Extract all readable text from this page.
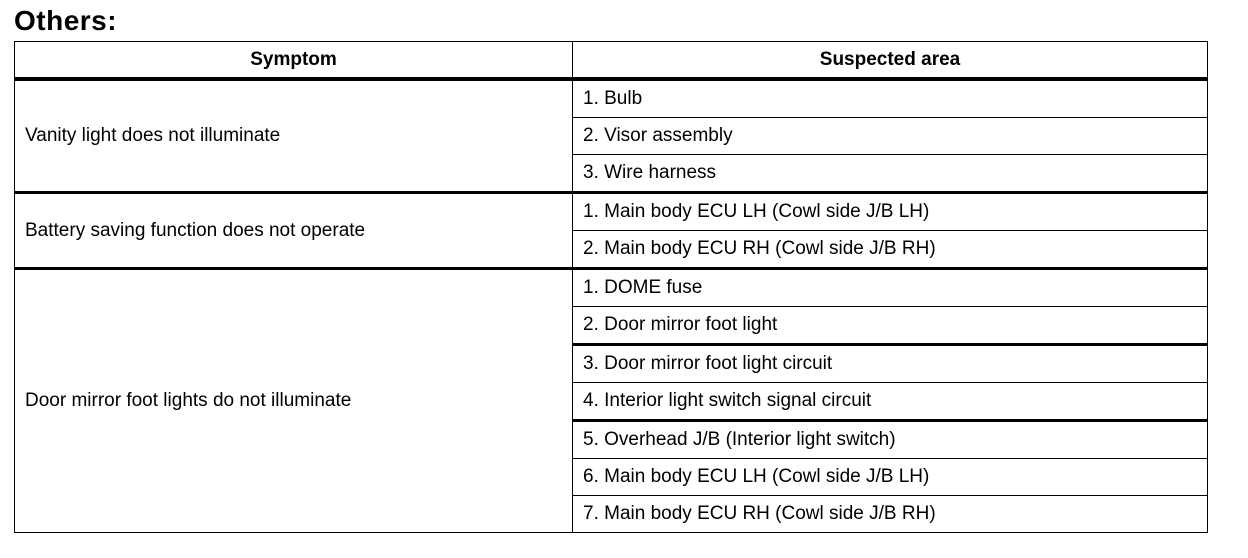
Others:
Symptom	Suspected area
Vanity light does not illuminate	1. Bulb
	2. Visor assembly
	3. Wire harness
Battery saving function does not operate	1. Main body ECU LH (Cowl side J/B LH)
	2. Main body ECU RH (Cowl side J/B RH)
Door mirror foot lights do not illuminate	1. DOME fuse
	2. Door mirror foot light
	3. Door mirror foot light circuit
	4. Interior light switch signal circuit
	5. Overhead J/B (Interior light switch)
	6. Main body ECU LH (Cowl side J/B LH)
	7. Main body ECU RH (Cowl side J/B RH)
